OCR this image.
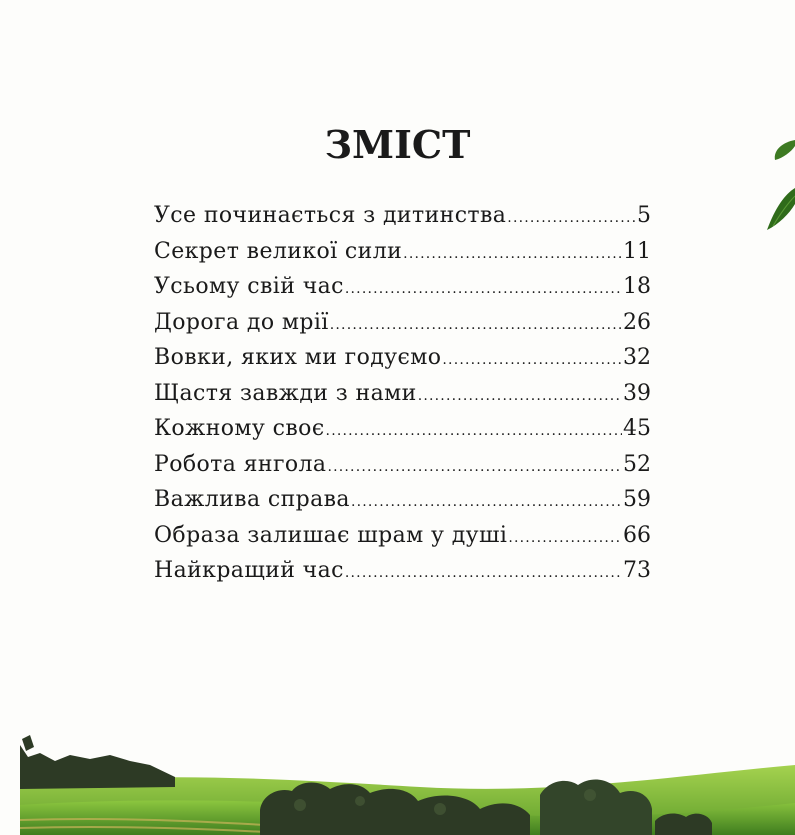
ЗМІСТ
Усе починається з дитинства .....	5
Секрет великої сили .....	11
Усьому свій час .....	18
Дорога до мрії .....	26
Вовки, яких ми годуємо .....	32
Щастя завжди з нами .....	39
Кожному своє .....	45
Робота янгола .....	52
Важлива справа .....	59
Образа залишає шрам у душі .....	66
Найкращий час .....	73
